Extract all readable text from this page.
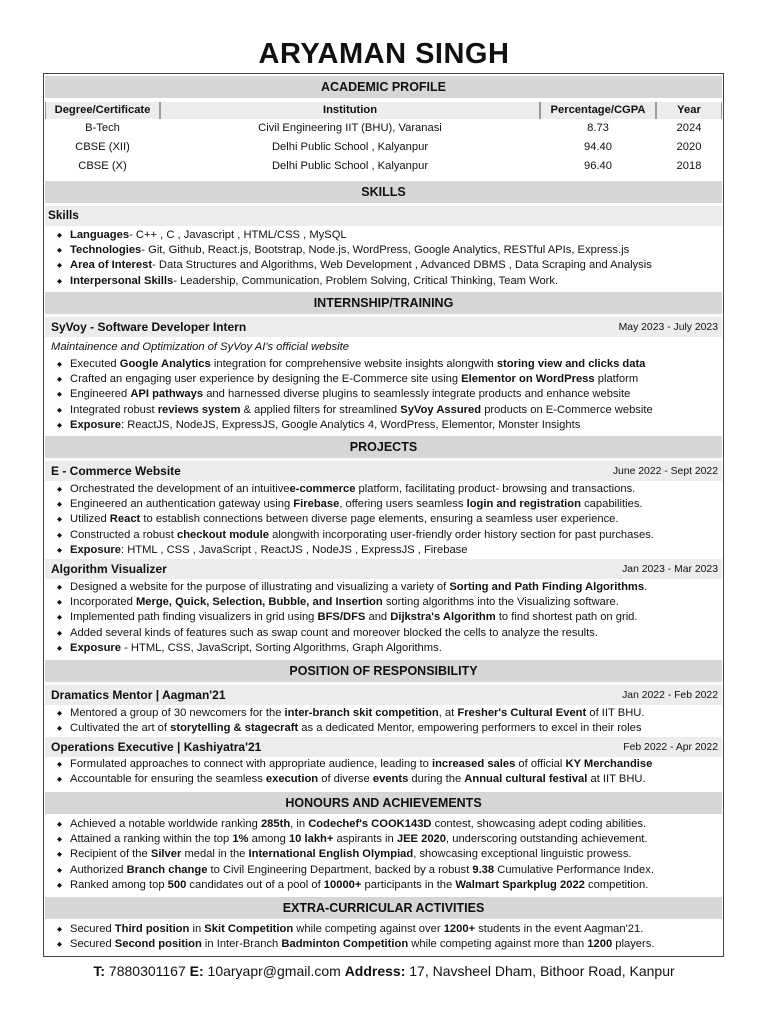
ARYAMAN SINGH
ACADEMIC PROFILE
Degree/Certificate	Institution	Percentage/CGPA	Year
B-Tech	Civil Engineering IIT (BHU), Varanasi	8.73	2024
CBSE (XII)	Delhi Public School , Kalyanpur	94.40	2020
CBSE (X)	Delhi Public School , Kalyanpur	96.40	2018
SKILLS
Skills
◆ Languages- C++ , C , Javascript , HTML/CSS , MySQL
◆ Technologies- Git, Github, React.js, Bootstrap, Node.js, WordPress, Google Analytics, RESTful APIs, Express.js
◆ Area of Interest- Data Structures and Algorithms, Web Development , Advanced DBMS , Data Scraping and Analysis
◆ Interpersonal Skills- Leadership, Communication, Problem Solving, Critical Thinking, Team Work.
INTERNSHIP/TRAINING
SyVoy - Software Developer Intern	May 2023 - July 2023
Maintainence and Optimization of SyVoy AI's official website
◆ Executed Google Analytics integration for comprehensive website insights alongwith storing view and clicks data
◆ Crafted an engaging user experience by designing the E-Commerce site using Elementor on WordPress platform
◆ Engineered API pathways and harnessed diverse plugins to seamlessly integrate products and enhance website
◆ Integrated robust reviews system & applied filters for streamlined SyVoy Assured products on E-Commerce website
◆ Exposure: ReactJS, NodeJS, ExpressJS, Google Analytics 4, WordPress, Elementor, Monster Insights
PROJECTS
E - Commerce Website	June 2022 - Sept 2022
◆ Orchestrated the development of an intuitivee-commerce platform, facilitating product- browsing and transactions.
◆ Engineered an authentication gateway using Firebase, offering users seamless login and registration capabilities.
◆ Utilized React to establish connections between diverse page elements, ensuring a seamless user experience.
◆ Constructed a robust checkout module alongwith incorporating user-friendly order history section for past purchases.
◆ Exposure: HTML , CSS , JavaScript , ReactJS , NodeJS , ExpressJS , Firebase
Algorithm Visualizer	Jan 2023 - Mar 2023
◆ Designed a website for the purpose of illustrating and visualizing a variety of Sorting and Path Finding Algorithms.
◆ Incorporated Merge, Quick, Selection, Bubble, and Insertion sorting algorithms into the Visualizing software.
◆ Implemented path finding visualizers in grid using BFS/DFS and Dijkstra's Algorithm to find shortest path on grid.
◆ Added several kinds of features such as swap count and moreover blocked the cells to analyze the results.
◆ Exposure - HTML, CSS, JavaScript, Sorting Algorithms, Graph Algorithms.
POSITION OF RESPONSIBILITY
Dramatics Mentor | Aagman'21	Jan 2022 - Feb 2022
◆ Mentored a group of 30 newcomers for the inter-branch skit competition, at Fresher's Cultural Event of IIT BHU.
◆ Cultivated the art of storytelling & stagecraft as a dedicated Mentor, empowering performers to excel in their roles
Operations Executive | Kashiyatra'21	Feb 2022 - Apr 2022
◆ Formulated approaches to connect with appropriate audience, leading to increased sales of official KY Merchandise
◆ Accountable for ensuring the seamless execution of diverse events during the Annual cultural festival at IIT BHU.
HONOURS AND ACHIEVEMENTS
◆ Achieved a notable worldwide ranking 285th, in Codechef's COOK143D contest, showcasing adept coding abilities.
◆ Attained a ranking within the top 1% among 10 lakh+ aspirants in JEE 2020, underscoring outstanding achievement.
◆ Recipient of the Silver medal in the International English Olympiad, showcasing exceptional linguistic prowess.
◆ Authorized Branch change to Civil Engineering Department, backed by a robust 9.38 Cumulative Performance Index.
◆ Ranked among top 500 candidates out of a pool of 10000+ participants in the Walmart Sparkplug 2022 competition.
EXTRA-CURRICULAR ACTIVITIES
◆ Secured Third position in Skit Competition while competing against over 1200+ students in the event Aagman'21.
◆ Secured Second position in Inter-Branch Badminton Competition while competing against more than 1200 players.
T: 7880301167 E: 10aryapr@gmail.com Address: 17, Navsheel Dham, Bithoor Road, Kanpur
